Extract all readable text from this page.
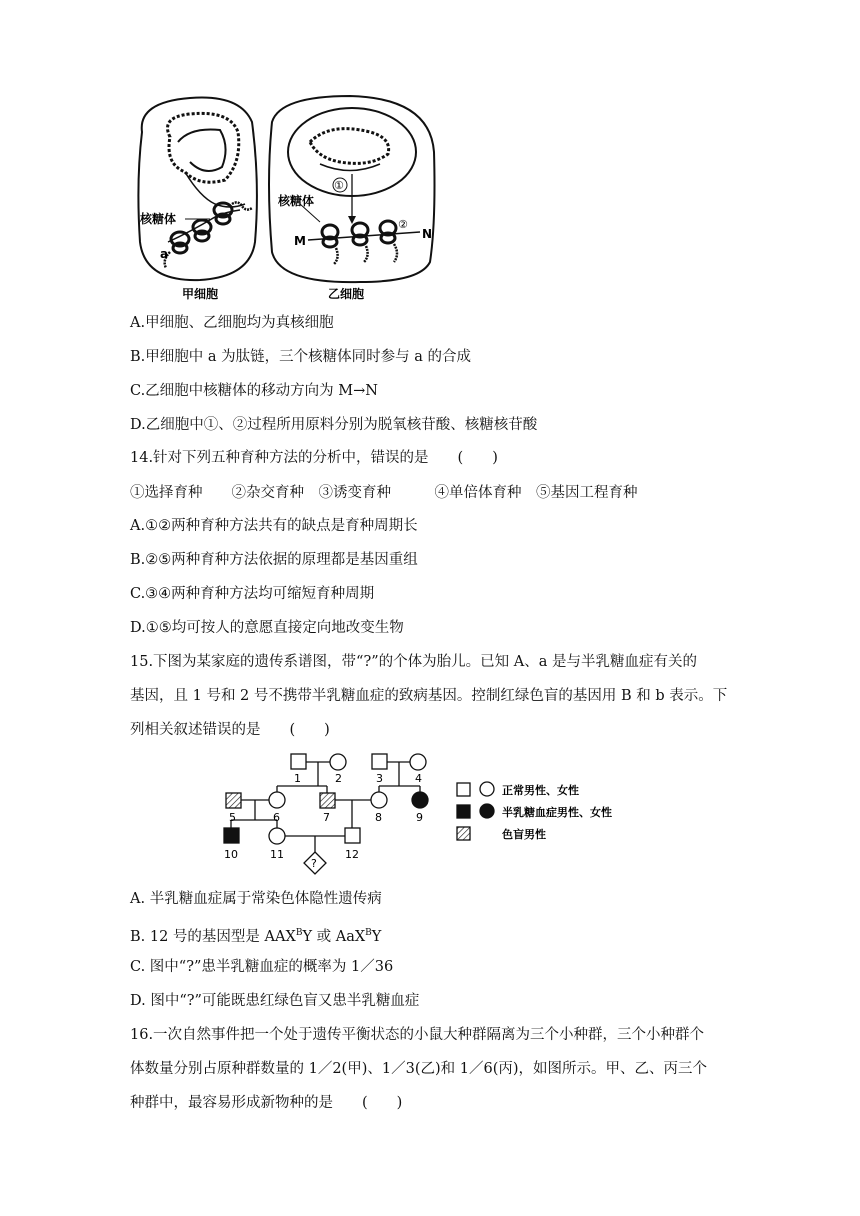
核糖体
a
甲细胞
①
核糖体
②
M	N
乙细胞
A.甲细胞、乙细胞均为真核细胞
B.甲细胞中 a 为肽链，三个核糖体同时参与 a 的合成
C.乙细胞中核糖体的移动方向为 M→N
D.乙细胞中①、②过程所用原料分别为脱氧核苷酸、核糖核苷酸
14.针对下列五种育种方法的分析中，错误的是　　(　　)
①选择育种　　②杂交育种　③诱变育种　　　④单倍体育种　⑤基因工程育种
A.①②两种育种方法共有的缺点是育种周期长
B.②⑤两种育种方法依据的原理都是基因重组
C.③④两种育种方法均可缩短育种周期
D.①⑤均可按人的意愿直接定向地改变生物
15.下图为某家庭的遗传系谱图，带“?”的个体为胎儿。已知 A、a 是与半乳糖血症有关的
基因，且 1 号和 2 号不携带半乳糖血症的致病基因。控制红绿色盲的基因用 B 和 b 表示。下
列相关叙述错误的是　　(　　)
?
1	2	3	4
5	6	7	8	9
10	11	12
正常男性、女性
半乳糖血症男性、女性
色盲男性
A. 半乳糖血症属于常染色体隐性遗传病
B. 12 号的基因型是 $AAX^BY$ 或 AaX$^B$Y
C. 图中“?”患半乳糖血症的概率为 1／36
D. 图中“?”可能既患红绿色盲又患半乳糖血症
16.一次自然事件把一个处于遗传平衡状态的小鼠大种群隔离为三个小种群，三个小种群个
体数量分别占原种群数量的 1／2(甲)、1／3(乙)和 1／6(丙)，如图所示。甲、乙、丙三个
种群中，最容易形成新物种的是　　(　　)
